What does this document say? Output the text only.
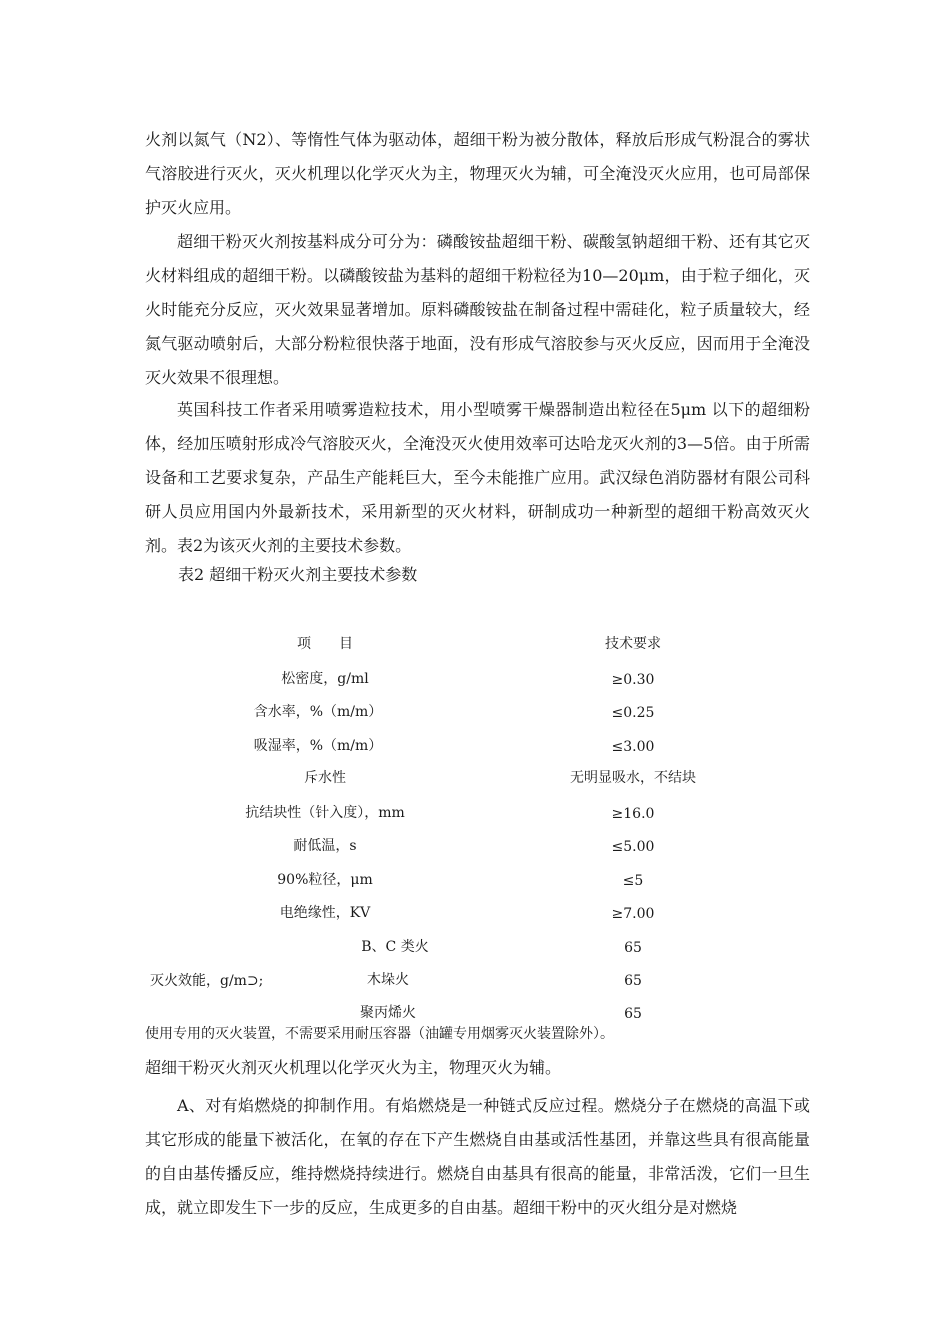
火剂以氮气（N2）、等惰性气体为驱动体，超细干粉为被分散体，释放后形成气粉混合的雾状气溶胶进行灭火，灭火机理以化学灭火为主，物理灭火为辅，可全淹没灭火应用，也可局部保护灭火应用。

超细干粉灭火剂按基料成分可分为：磷酸铵盐超细干粉、碳酸氢钠超细干粉、还有其它灭火材料组成的超细干粉。以磷酸铵盐为基料的超细干粉粒径为10—20μm，由于粒子细化，灭火时能充分反应，灭火效果显著增加。原料磷酸铵盐在制备过程中需硅化，粒子质量较大，经氮气驱动喷射后，大部分粉粒很快落于地面，没有形成气溶胶参与灭火反应，因而用于全淹没灭火效果不很理想。

英国科技工作者采用喷雾造粒技术，用小型喷雾干燥器制造出粒径在5μm 以下的超细粉体，经加压喷射形成冷气溶胶灭火，全淹没灭火使用效率可达哈龙灭火剂的3—5倍。由于所需设备和工艺要求复杂，产品生产能耗巨大，至今未能推广应用。武汉绿色消防器材有限公司科研人员应用国内外最新技术，采用新型的灭火材料，研制成功一种新型的超细干粉高效灭火剂。表2为该灭火剂的主要技术参数。

表2 超细干粉灭火剂主要技术参数
项　　目	技术要求
松密度，g/ml	≥0.30
含水率，%（m/m）	≤0.25
吸湿率，%（m/m）	≤3.00
斥水性	无明显吸水，不结块
抗结块性（针入度），mm	≥16.0
耐低温，s	≤5.00
90%粒径，μm	≤5
电绝缘性，KV	≥7.00
灭火效能，g/m⊃;
B、C 类火	65
木垛火	65
聚丙烯火	65
使用专用的灭火装置，不需要采用耐压容器（油罐专用烟雾灭火装置除外）。
超细干粉灭火剂灭火机理以化学灭火为主，物理灭火为辅。

A、对有焰燃烧的抑制作用。有焰燃烧是一种链式反应过程。燃烧分子在燃烧的高温下或其它形成的能量下被活化，在氧的存在下产生燃烧自由基或活性基团，并靠这些具有很高能量的自由基传播反应，维持燃烧持续进行。燃烧自由基具有很高的能量，非常活泼，它们一旦生成，就立即发生下一步的反应，生成更多的自由基。超细干粉中的灭火组分是对燃烧
